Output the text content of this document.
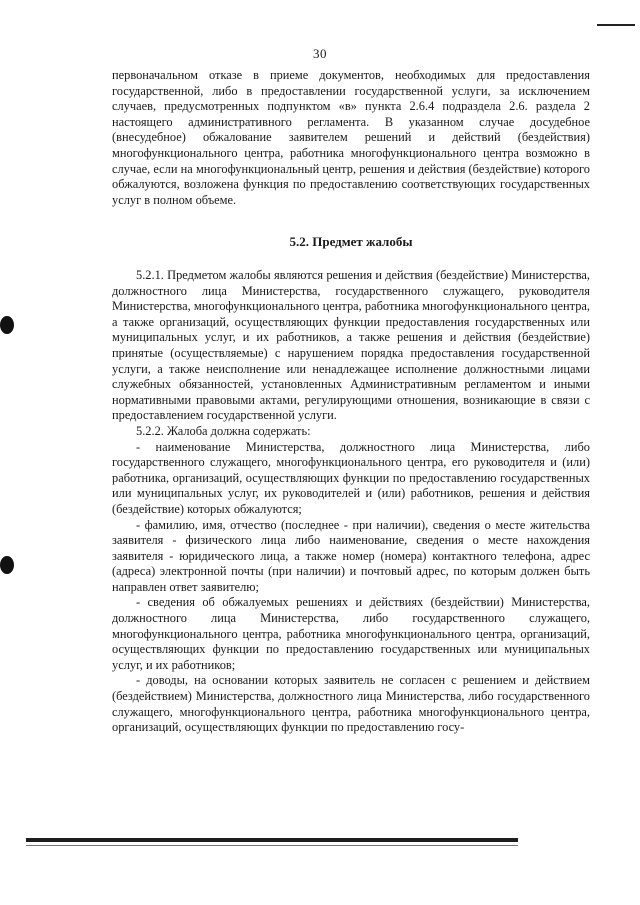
30

первоначальном отказе в приеме документов, необходимых для предоставления государственной, либо в предоставлении государственной услуги, за исключением случаев, предусмотренных подпунктом «в» пункта 2.6.4 подраздела 2.6. раздела 2 настоящего административного регламента. В указанном случае досудебное (внесудебное) обжалование заявителем решений и действий (бездействия) многофункционального центра, работника многофункционального центра возможно в случае, если на многофункциональный центр, решения и действия (бездействие) которого обжалуются, возложена функция по предоставлению соответствующих государственных услуг в полном объеме.

5.2. Предмет жалобы

5.2.1. Предметом жалобы являются решения и действия (бездействие) Министерства, должностного лица Министерства, государственного служащего, руководителя Министерства, многофункционального центра, работника многофункционального центра, а также организаций, осуществляющих функции предоставления государственных или муниципальных услуг, и их работников, а также решения и действия (бездействие) принятые (осуществляемые) с нарушением порядка предоставления государственной услуги, а также неисполнение или ненадлежащее исполнение должностными лицами служебных обязанностей, установленных Административным регламентом и иными нормативными правовыми актами, регулирующими отношения, возникающие в связи с предоставлением государственной услуги.

5.2.2. Жалоба должна содержать:

- наименование Министерства, должностного лица Министерства, либо государственного служащего, многофункционального центра, его руководителя и (или) работника, организаций, осуществляющих функции по предоставлению государственных или муниципальных услуг, их руководителей и (или) работников, решения и действия (бездействие) которых обжалуются;

- фамилию, имя, отчество (последнее - при наличии), сведения о месте жительства заявителя - физического лица либо наименование, сведения о месте нахождения заявителя - юридического лица, а также номер (номера) контактного телефона, адрес (адреса) электронной почты (при наличии) и почтовый адрес, по которым должен быть направлен ответ заявителю;

- сведения об обжалуемых решениях и действиях (бездействии) Министерства, должностного лица Министерства, либо государственного служащего, многофункционального центра, работника многофункционального центра, организаций, осуществляющих функции по предоставлению государственных или муниципальных услуг, и их работников;

- доводы, на основании которых заявитель не согласен с решением и действием (бездействием) Министерства, должностного лица Министерства, либо государственного служащего, многофункционального центра, работника многофункционального центра, организаций, осуществляющих функции по предоставлению госу-
